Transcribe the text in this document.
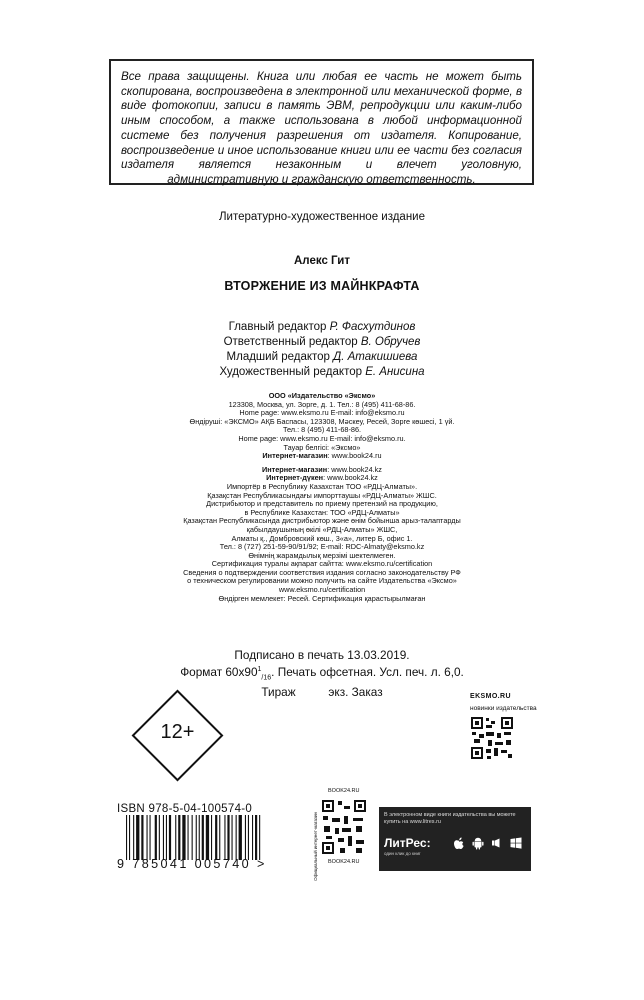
Все права защищены. Книга или любая ее часть не может быть скопирована, воспроизведена в электронной или механической форме, в виде фотокопии, записи в память ЭВМ, репродукции или каким-либо иным способом, а также использована в любой информационной системе без получения разрешения от издателя. Копирование, воспроизведение и иное использование книги или ее части без согласия издателя является незаконным и влечет уголовную, административную и гражданскую ответственность.

Литературно-художественное издание
Алекс Гит
ВТОРЖЕНИЕ ИЗ МАЙНКРАФТА
Главный редактор Р. Фасхутдинов
Ответственный редактор В. Обручев
Младший редактор Д. Атакишиева
Художественный редактор Е. Анисина
ООО «Издательство «Эксмо»
123308, Москва, ул. Зорге, д. 1. Тел.: 8 (495) 411-68-86.
Home page: www.eksmo.ru E-mail: info@eksmo.ru
Өндіруші: «ЭКСМО» АҚБ Баспасы, 123308, Мәскеу, Ресей, Зорге көшесі, 1 үй.
Тел.: 8 (495) 411-68-86.
Home page: www.eksmo.ru E-mail: info@eksmo.ru.
Тауар белгісі: «Эксмо»
Интернет-магазин: www.book24.ru
Интернет-магазин: www.book24.kz
Интернет-дүкен: www.book24.kz
Импортёр в Республику Казахстан ТОО «РДЦ-Алматы».
Қазақстан Республикасындағы импорттаушы «РДЦ-Алматы» ЖШС.
Дистрибьютор и представитель по приему претензий на продукцию,
в Республике Казахстан: ТОО «РДЦ-Алматы»
Қазақстан Республикасында дистрибьютор және өнім бойынша арыз-талаптарды
қабылдаушының өкілі «РДЦ-Алматы» ЖШС,
Алматы қ., Домбровский көш., 3«а», литер Б, офис 1.
Тел.: 8 (727) 251-59-90/91/92; E-mail: RDC-Almaty@eksmo.kz
Өнімнің жарамдылық мерзімі шектелмеген.
Сертификация туралы ақпарат сайтта: www.eksmo.ru/certification
Сведения о подтверждении соответствия издания согласно законодательству РФ
о техническом регулировании можно получить на сайте Издательства «Эксмо»
www.eksmo.ru/certification
Өндірген мемлекет: Ресей. Сертификация қарастырылмаған
Подписано в печать 13.03.2019.
Формат $60х90^1_{/16}$. Печать офсетная. Усл. печ. л. 6,0.
Тираж          экз. Заказ
12+
EKSMO.RU
новинки издательства
ISBN 978-5-04-100574-0
9 785041 005740 >
BOOK24.RU
Официальный интернет-магазин BOOK24.RU
В электронном виде книги издательства вы можете
купить на www.litres.ru
ЛитРес:
один клик до книг
